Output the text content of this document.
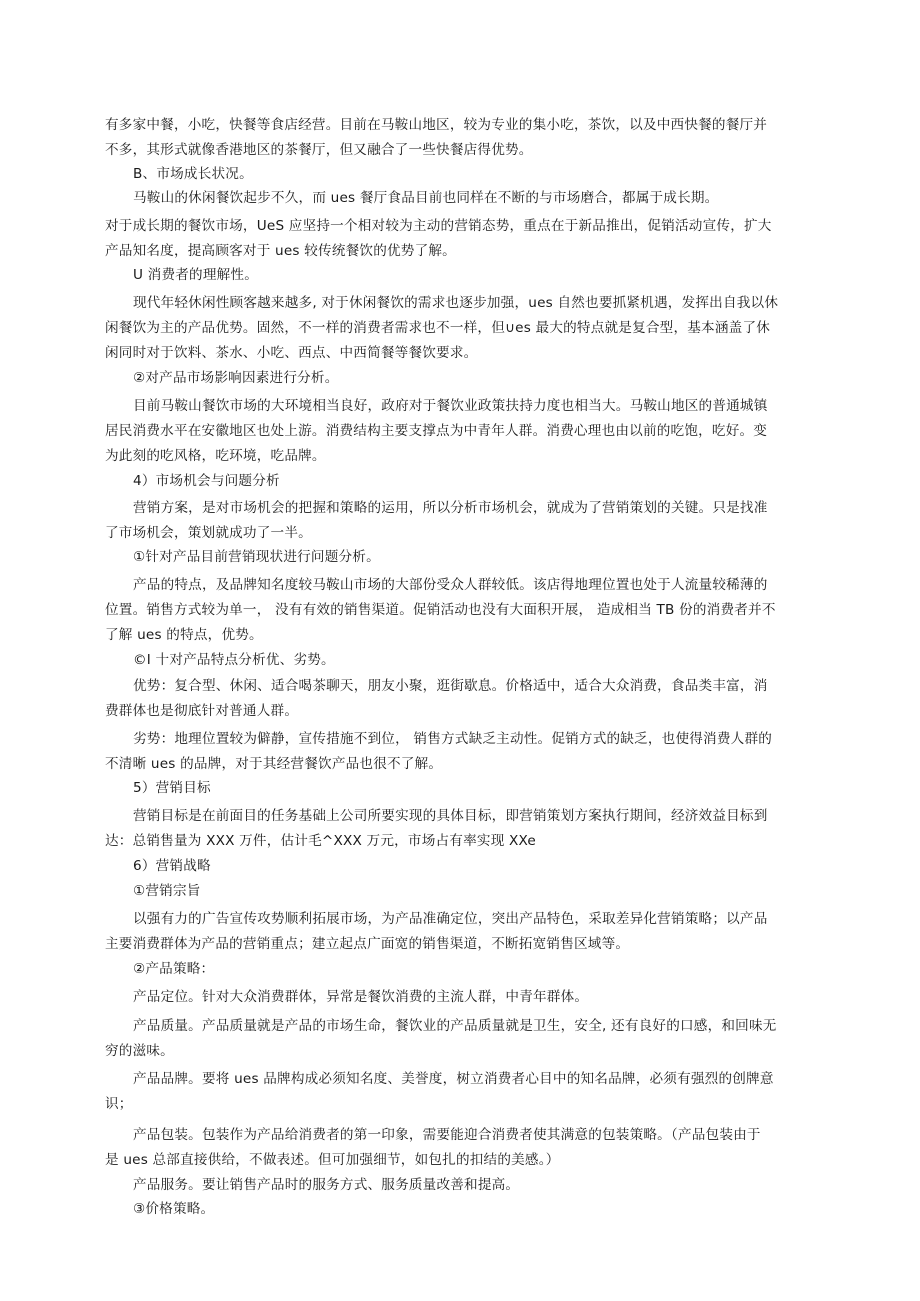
有多家中餐，小吃，快餐等食店经营。目前在马鞍山地区，较为专业的集小吃，茶饮，以及中西快餐的餐厅并
不多，其形式就像香港地区的茶餐厅，但又融合了一些快餐店得优势。
B、市场成长状况。
马鞍山的休闲餐饮起步不久，而 ues 餐厅食品目前也同样在不断的与市场磨合，都属于成长期。
对于成长期的餐饮市场，UeS 应坚持一个相对较为主动的营销态势，重点在于新品推出，促销活动宣传，扩大
产品知名度，提高顾客对于 ues 较传统餐饮的优势了解。
U 消费者的理解性。
现代年轻休闲性顾客越来越多, 对于休闲餐饮的需求也逐步加强，ues 自然也要抓紧机遇，发挥出自我以休
闲餐饮为主的产品优势。固然，不一样的消费者需求也不一样，但∪es 最大的特点就是复合型，基本涵盖了休
闲同时对于饮料、茶水、小吃、西点、中西简餐等餐饮要求。
②对产品市场影响因素进行分析。
目前马鞍山餐饮市场的大环境相当良好，政府对于餐饮业政策扶持力度也相当大。马鞍山地区的普通城镇
居民消费水平在安徽地区也处上游。消费结构主要支撑点为中青年人群。消费心理也由以前的吃饱，吃好。变
为此刻的吃风格，吃环境，吃品牌。
4）市场机会与问题分析
营销方案，是对市场机会的把握和策略的运用，所以分析市场机会，就成为了营销策划的关键。只是找准
了市场机会，策划就成功了一半。
①针对产品目前营销现状进行问题分析。
产品的特点，及品牌知名度较马鞍山市场的大部份受众人群较低。该店得地理位置也处于人流量较稀薄的
位置。销售方式较为单一， 没有有效的销售渠道。促销活动也没有大面积开展， 造成相当 TB 份的消费者并不
了解 ues 的特点，优势。
©I 十对产品特点分析优、劣势。
优势：复合型、休闲、适合喝茶聊天，朋友小聚，逛街歇息。价格适中，适合大众消费，食品类丰富，消
费群体也是彻底针对普通人群。
劣势：地理位置较为僻静，宣传措施不到位， 销售方式缺乏主动性。促销方式的缺乏，也使得消费人群的
不清晰 ues 的品牌，对于其经营餐饮产品也很不了解。
5）营销目标
营销目标是在前面目的任务基础上公司所要实现的具体目标，即营销策划方案执行期间，经济效益目标到
达：总销售量为 XXX 万件，估计毛^XXX 万元，市场占有率实现 XXe
6）营销战略
①营销宗旨
以强有力的广告宣传攻势顺利拓展市场，为产品准确定位，突出产品特色，采取差异化营销策略；以产品
主要消费群体为产品的营销重点；建立起点广面宽的销售渠道，不断拓宽销售区域等。
②产品策略：
产品定位。针对大众消费群体，异常是餐饮消费的主流人群，中青年群体。
产品质量。产品质量就是产品的市场生命，餐饮业的产品质量就是卫生，安全, 还有良好的口感，和回味无
穷的滋味。
产品品牌。要将 ues 品牌构成必须知名度、美誉度，树立消费者心目中的知名品牌，必须有强烈的创牌意
识；
产品包装。包装作为产品给消费者的第一印象，需要能迎合消费者使其满意的包装策略。（产品包装由于
是 ues 总部直接供给，不做表述。但可加强细节，如包扎的扣结的美感。）
产品服务。要让销售产品时的服务方式、服务质量改善和提高。
③价格策略。
